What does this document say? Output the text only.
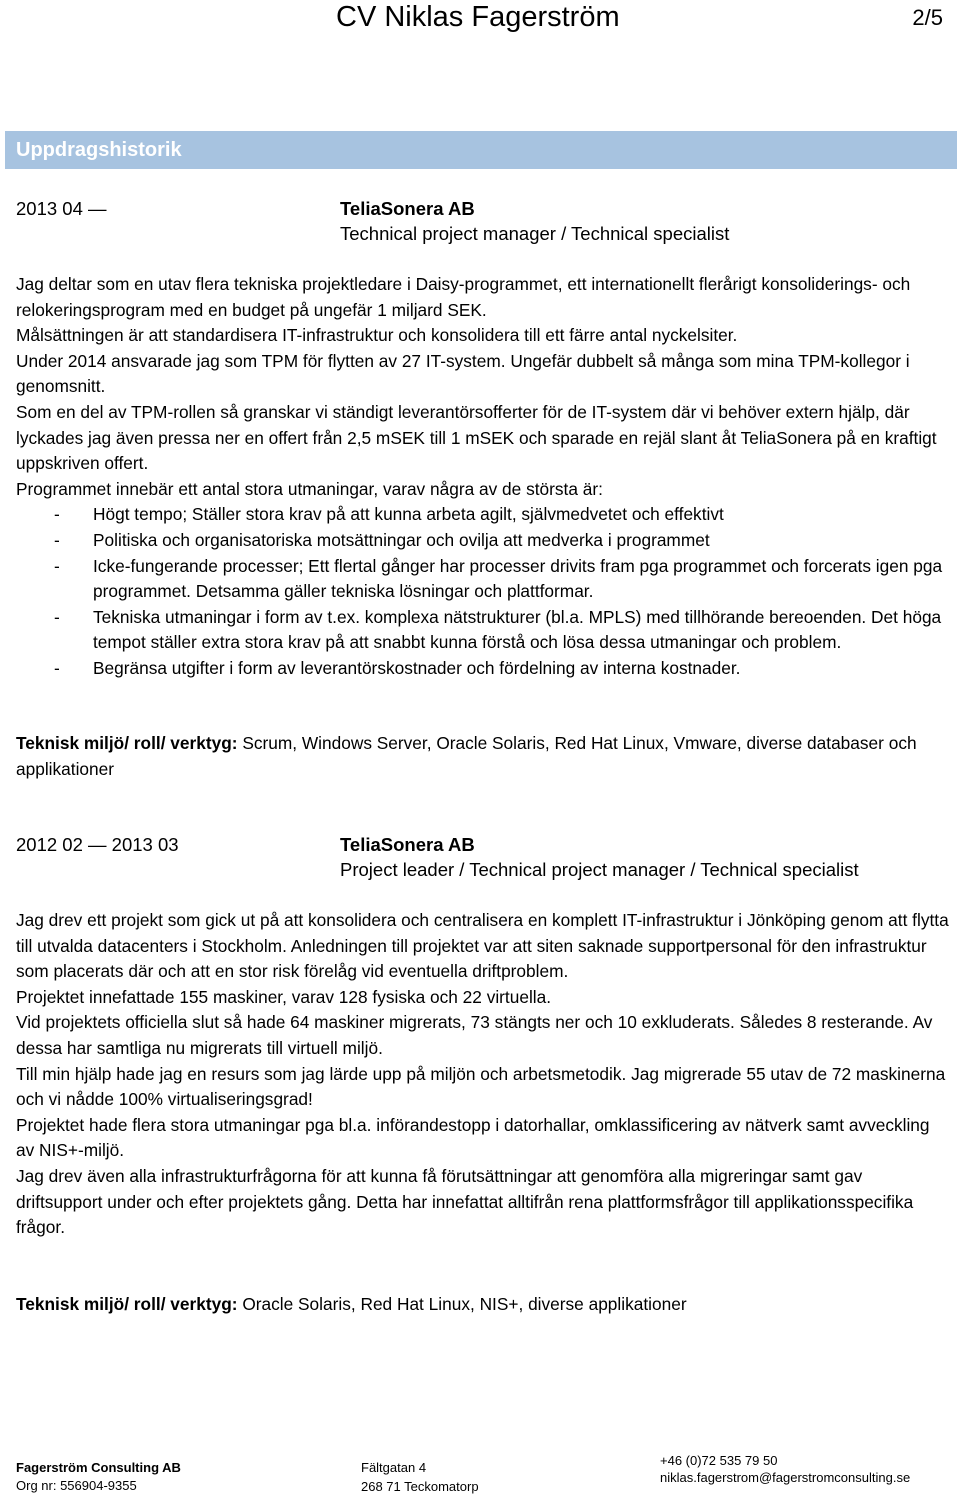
CV Niklas Fagerström	2/5
Uppdragshistorik
2013 04 —	TeliaSonera AB
Technical project manager / Technical specialist

Jag deltar som en utav flera tekniska projektledare i Daisy-programmet, ett internationellt flerårigt konsoliderings- och relokeringsprogram med en budget på ungefär 1 miljard SEK.

Målsättningen är att standardisera IT-infrastruktur och konsolidera till ett färre antal nyckelsiter.

Under 2014 ansvarade jag som TPM för flytten av 27 IT-system. Ungefär dubbelt så många som mina TPM-kollegor i genomsnitt.

Som en del av TPM-rollen så granskar vi ständigt leverantörsofferter för de IT-system där vi behöver extern hjälp, där lyckades jag även pressa ner en offert från 2,5 mSEK till 1 mSEK och sparade en rejäl slant åt TeliaSonera på en kraftigt uppskriven offert.

Programmet innebär ett antal stora utmaningar, varav några av de största är:

- Högt tempo; Ställer stora krav på att kunna arbeta agilt, självmedvetet och effektivt
- Politiska och organisatoriska motsättningar och ovilja att medverka i programmet
- Icke-fungerande processer; Ett flertal gånger har processer drivits fram pga programmet och forcerats igen pga programmet. Detsamma gäller tekniska lösningar och plattformar.
- Tekniska utmaningar i form av t.ex. komplexa nätstrukturer (bl.a. MPLS) med tillhörande bereoenden. Det höga tempot ställer extra stora krav på att snabbt kunna förstå och lösa dessa utmaningar och problem.
- Begränsa utgifter i form av leverantörskostnader och fördelning av interna kostnader.
Teknisk miljö/ roll/ verktyg: Scrum, Windows Server, Oracle Solaris, Red Hat Linux, Vmware, diverse databaser och applikationer
2012 02 — 2013 03	TeliaSonera AB
Project leader / Technical project manager / Technical specialist

Jag drev ett projekt som gick ut på att konsolidera och centralisera en komplett IT-infrastruktur i Jönköping genom att flytta till utvalda datacenters i Stockholm. Anledningen till projektet var att siten saknade supportpersonal för den infrastruktur som placerats där och att en stor risk förelåg vid eventuella driftproblem.

Projektet innefattade 155 maskiner, varav 128 fysiska och 22 virtuella.

Vid projektets officiella slut så hade 64 maskiner migrerats, 73 stängts ner och 10 exkluderats. Således 8 resterande. Av dessa har samtliga nu migrerats till virtuell miljö.

Till min hjälp hade jag en resurs som jag lärde upp på miljön och arbetsmetodik. Jag migrerade 55 utav de 72 maskinerna och vi nådde 100% virtualiseringsgrad!

Projektet hade flera stora utmaningar pga bl.a. införandestopp i datorhallar, omklassificering av nätverk samt avveckling av NIS+-miljö.

Jag drev även alla infrastrukturfrågorna för att kunna få förutsättningar att genomföra alla migreringar samt gav driftsupport under och efter projektets gång. Detta har innefattat alltifrån rena plattformsfrågor till applikationsspecifika frågor.

Teknisk miljö/ roll/ verktyg: Oracle Solaris, Red Hat Linux, NIS+, diverse applikationer
Fagerström Consulting AB
Org nr: 556904-9355
Fältgatan 4
268 71 Teckomatorp
+46 (0)72 535 79 50
niklas.fagerstrom@fagerstromconsulting.se
